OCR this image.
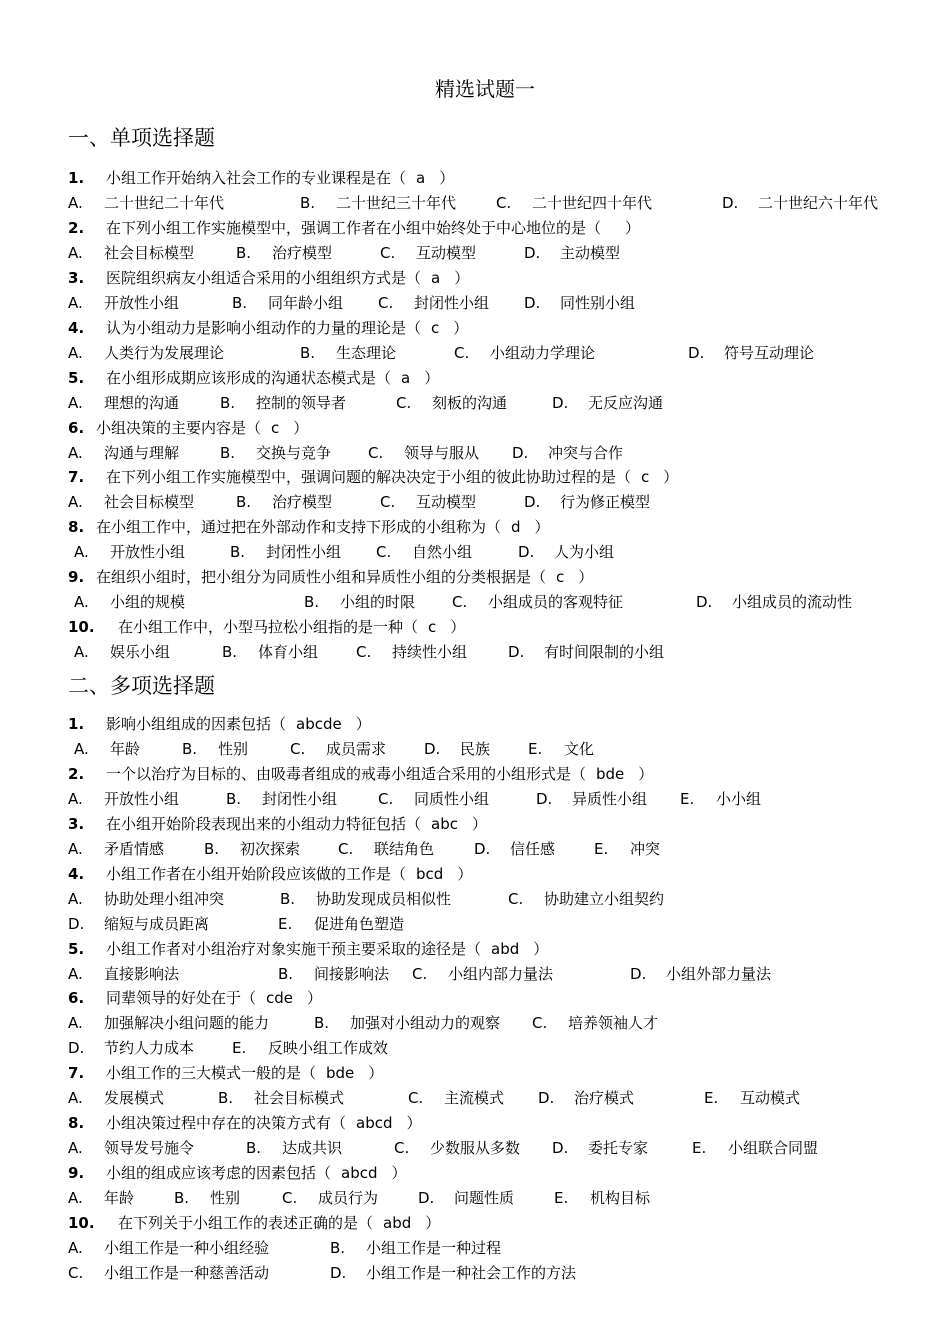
精选试题一
一、单项选择题
1. 小组工作开始纳入社会工作的专业课程是在（ a ）
A. 二十世纪二十年代	B. 二十世纪三十年代	C. 二十世纪四十年代	D. 二十世纪六十年代
2. 在下列小组工作实施模型中，强调工作者在小组中始终处于中心地位的是（ ）
A. 社会目标模型	B. 治疗模型	C. 互动模型	D. 主动模型
3. 医院组织病友小组适合采用的小组组织方式是（ a ）
A. 开放性小组	B. 同年龄小组 C. 封闭性小组 D. 同性别小组
4. 认为小组动力是影响小组动作的力量的理论是（ c ）
A. 人类行为发展理论	B. 生态理论	C. 小组动力学理论	D. 符号互动理论
5. 在小组形成期应该形成的沟通状态模式是（ a ）
A. 理想的沟通	B. 控制的领导者	C. 刻板的沟通	D. 无反应沟通
6. 小组决策的主要内容是（ c ）
A. 沟通与理解	B. 交换与竞争 C. 领导与服从 D. 冲突与合作
7. 在下列小组工作实施模型中，强调问题的解决决定于小组的彼此协助过程的是（ c ）
A. 社会目标模型	B. 治疗模型	C. 互动模型	D. 行为修正模型
8. 在小组工作中，通过把在外部动作和支持下形成的小组称为（ d ）
A. 开放性小组	B. 封闭性小组 C. 自然小组	D. 人为小组
9. 在组织小组时，把小组分为同质性小组和异质性小组的分类根据是（ c ）
A. 小组的规模	B. 小组的时限 C. 小组成员的客观特征	D. 小组成员的流动性
10. 在小组工作中，小型马拉松小组指的是一种（ c ）
A. 娱乐小组	B. 体育小组	C. 持续性小组	D. 有时间限制的小组
二、多项选择题
1. 影响小组组成的因素包括（ abcde ）
A. 年龄	B. 性别	C. 成员需求	D. 民族	E. 文化
2. 一个以治疗为目标的、由吸毒者组成的戒毒小组适合采用的小组形式是（ bde ）
A. 开放性小组	B. 封闭性小组	C. 同质性小组	D. 异质性小组 E. 小小组
3. 在小组开始阶段表现出来的小组动力特征包括（ abc ）
A. 矛盾情感	B. 初次探索	C. 联结角色	D. 信任感	E. 冲突
4. 小组工作者在小组开始阶段应该做的工作是（ bcd ）
A. 协助处理小组冲突	B. 协助发现成员相似性	C. 协助建立小组契约
D. 缩短与成员距离	E. 促进角色塑造
5. 小组工作者对小组治疗对象实施干预主要采取的途径是（ abd ）
A. 直接影响法	B. 间接影响法 C. 小组内部力量法	D. 小组外部力量法
6. 同辈领导的好处在于（ cde ）
A. 加强解决小组问题的能力	B. 加强对小组动力的观察 C. 培养领袖人才
D. 节约人力成本	E. 反映小组工作成效
7. 小组工作的三大模式一般的是（ bde ）
A. 发展模式	B. 社会目标模式	C. 主流模式 D. 治疗模式	E. 互动模式
8. 小组决策过程中存在的决策方式有（ abcd ）
A. 领导发号施令	B. 达成共识	C. 少数服从多数 D. 委托专家	E. 小组联合同盟
9. 小组的组成应该考虑的因素包括（ abcd ）
A. 年龄	B. 性别	C. 成员行为	D. 问题性质	E. 机构目标
10. 在下列关于小组工作的表述正确的是（ abd ）
A. 小组工作是一种小组经验	B. 小组工作是一种过程
C. 小组工作是一种慈善活动	D. 小组工作是一种社会工作的方法
